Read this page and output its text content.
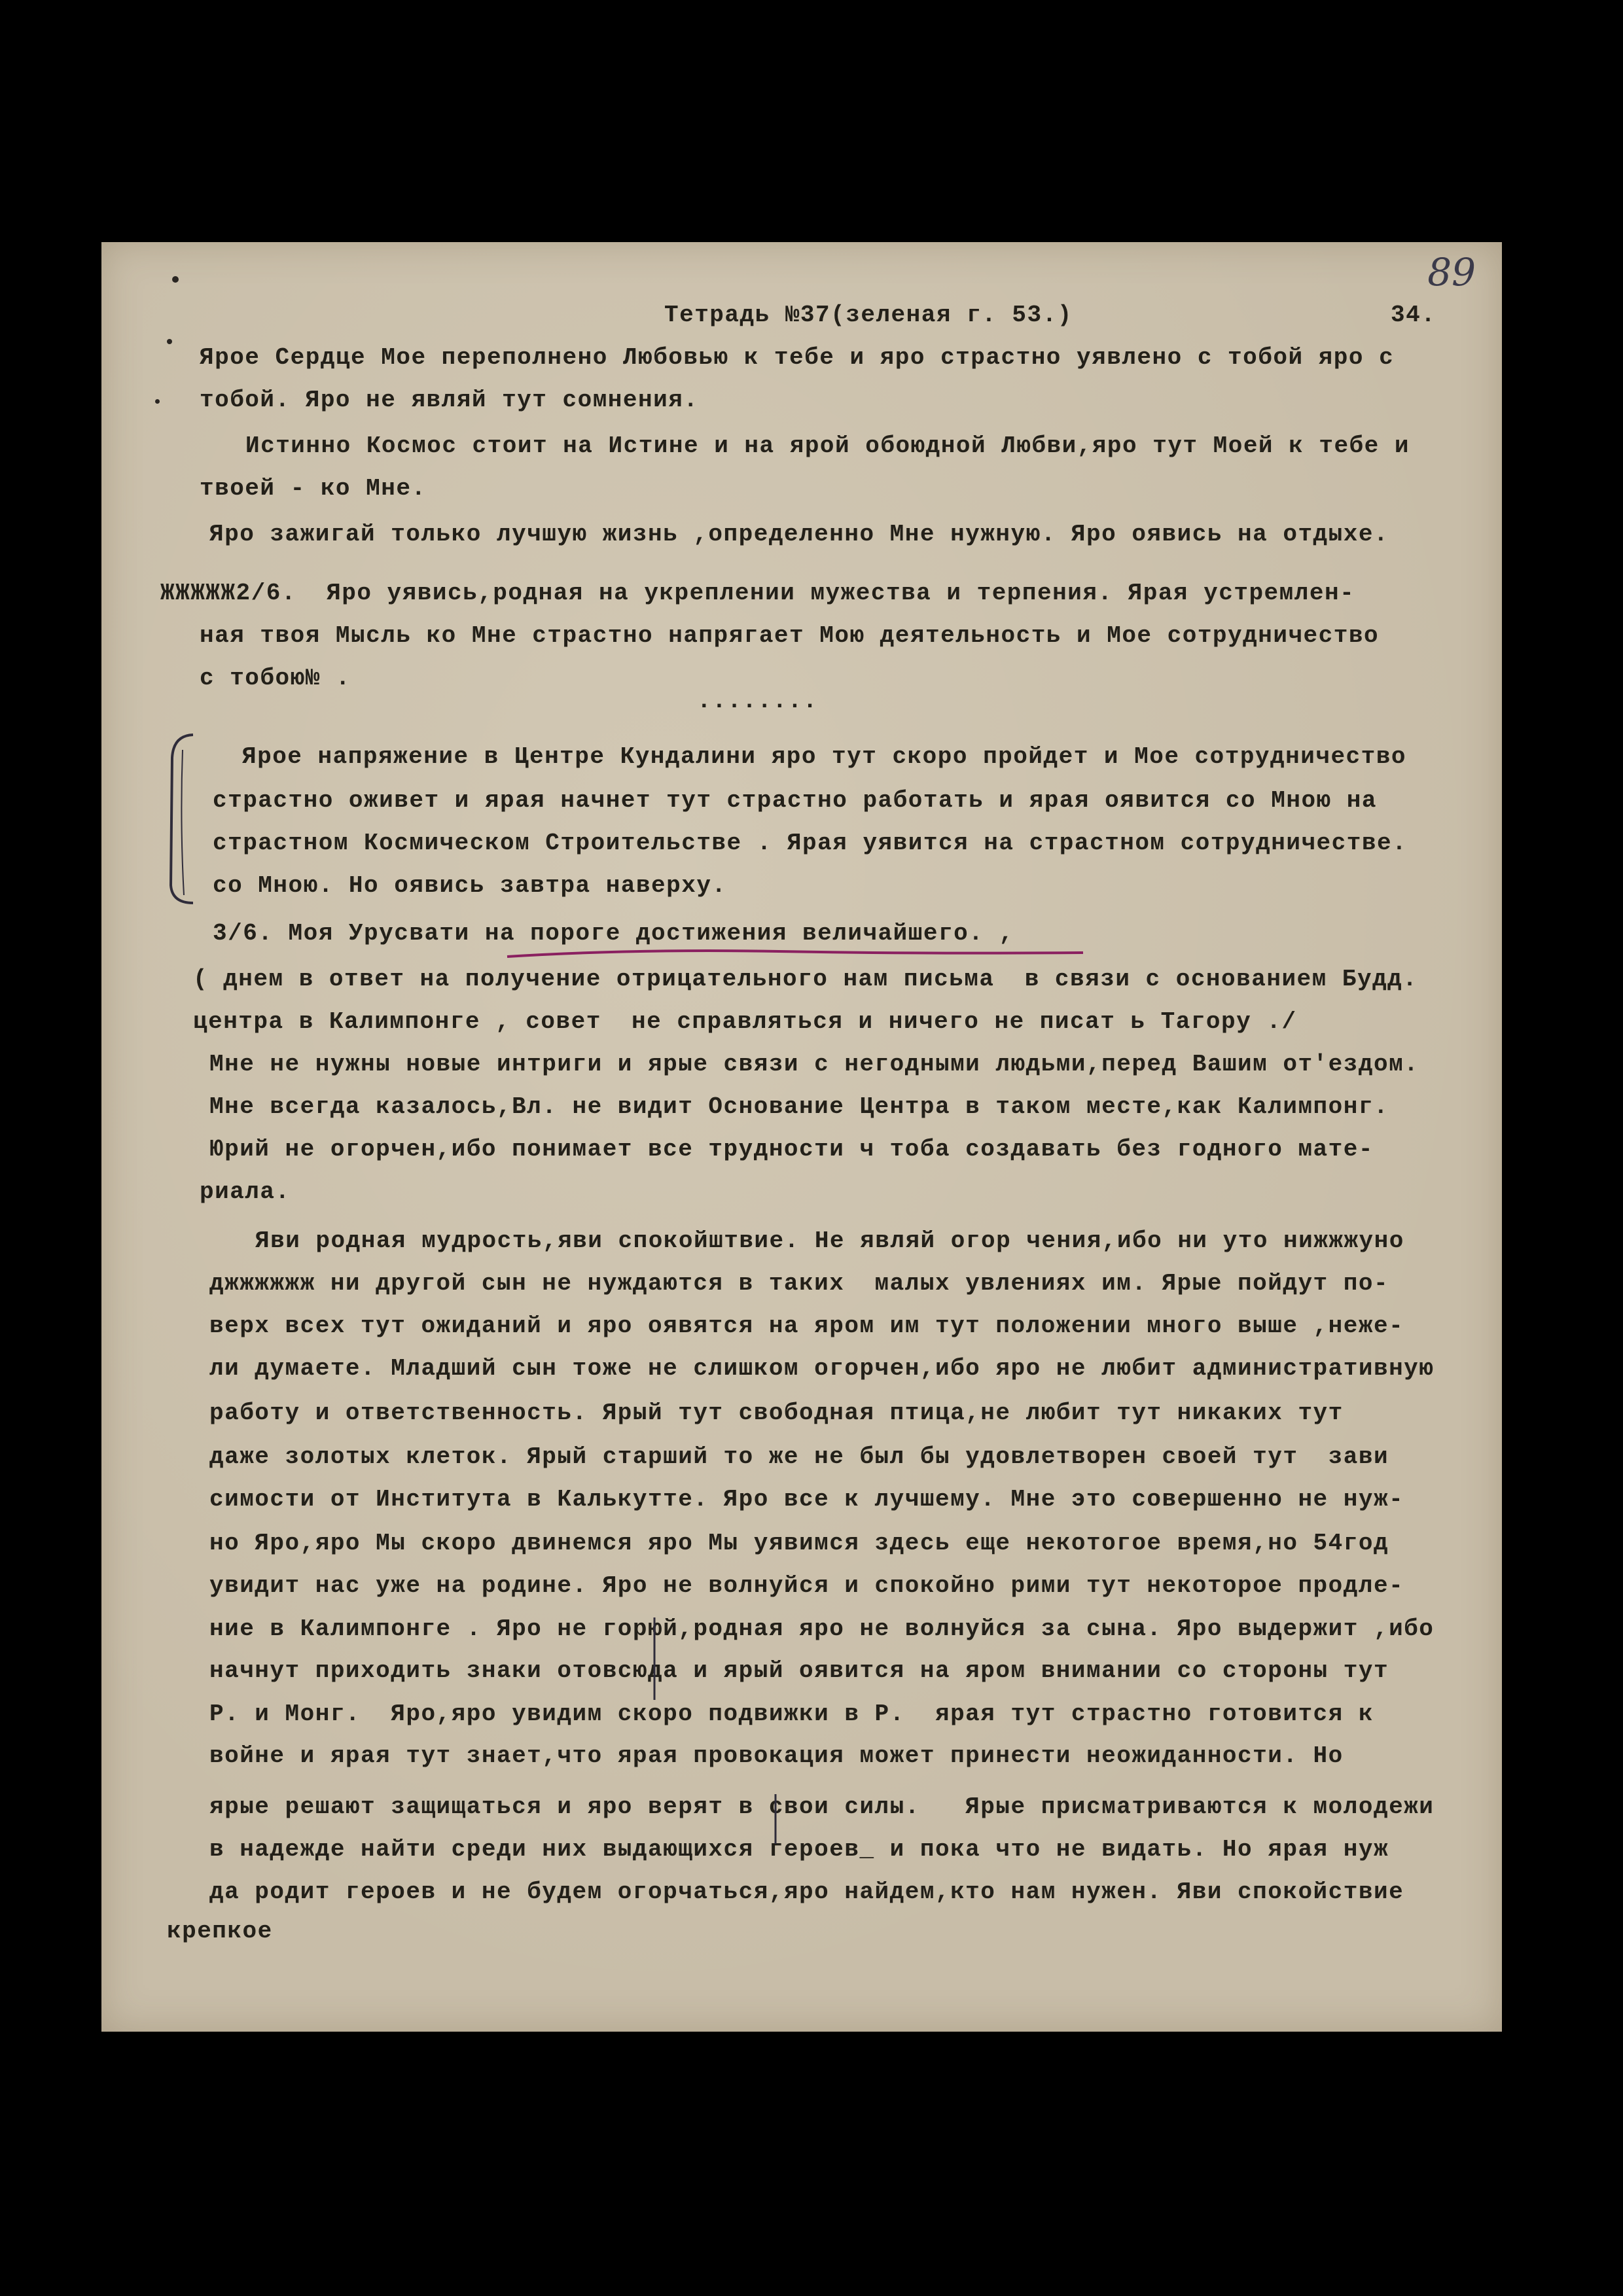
89
Тетрадь №37(зеленая г. 53.)	34.
Ярое Сердце Мое переполнено Любовью к тебе и яро страстно уявлено с тобой яро с
тобой. Яро не являй тут сомнения.
Истинно Космос стоит на Истине и на ярой обоюдной Любви,яро тут Моей к тебе и
твоей - ко Мне.
Яро зажигай только лучшую жизнь ,определенно Мне нужную. Яро оявись на отдыхе.
ЖЖЖЖЖ2/6.  Яро уявись,родная на укреплении мужества и терпения. Ярая устремлен-
ная твоя Мысль ко Мне страстно напрягает Мою деятельность и Мое сотрудничество
с тобою№ .
........
Ярое напряжение в Центре Кундалини яро тут скоро пройдет и Мое сотрудничество
страстно оживет и ярая начнет тут страстно работать и ярая оявится со Мною на
страстном Космическом Строительстве . Ярая уявится на страстном сотрудничестве.
со Мною. Но оявись завтра наверху.
3/6. Моя Урусвати на пороге достижения величайшего. ,
( днем в ответ на получение отрицательного нам письма  в связи с основанием Будд.
центра в Калимпонге , совет  не справляться и ничего не писат ь Тагору ./
Мне не нужны новые интриги и ярые связи с негодными людьми,перед Вашим от'ездом.
Мне всегда казалось,Вл. не видит Основание Центра в таком месте,как Калимпонг.
Юрий не огорчен,ибо понимает все трудности ч тоба создавать без годного мате-
риала.
Яви родная мудрость,яви спокойштвие. Не являй огор чения,ибо ни уто нижжжуно
джжжжжж ни другой сын не нуждаются в таких  малых увлениях им. Ярые пойдут по-
верх всех тут ожиданий и яро оявятся на яром им тут положении много выше ,нежe-
ли думаете. Младший сын тоже не слишком огорчен,ибо яро не любит административную
работу и ответственность. Ярый тут свободная птица,не любит тут никаких тут
даже золотых клеток. Ярый старший то же не был бы удовлетворен своей тут  зави
симости от Института в Калькутте. Яро все к лучшему. Мне это совершенно не нуж-
но Яро,яро Мы скоро двинемся яро Мы уявимся здесь еще некотогое время,но 54год
увидит нас уже на родине. Яро не волнуйся и спокойно рими тут некоторое продле-
ние в Калимпонге . Яро не горюй,родная яро не волнуйся за сына. Яро выдержит ,ибо
начнут приходить знаки отовсюда и ярый оявится на яром внимании со стороны тут
Р. и Монг.  Яро,яро увидим скоро подвижки в Р.  ярая тут страстно готовится к
войне и ярая тут знает,что ярая провокация может принести неожиданности. Но
ярые решают защищаться и яро верят в свои силы.   Ярые присматриваются к молодежи
в надежде найти среди них выдающихся героев_ и пока что не видать. Но ярая нуж
да родит героев и не будем огорчаться,яро найдем,кто нам нужен. Яви спокойствие
крепкое
